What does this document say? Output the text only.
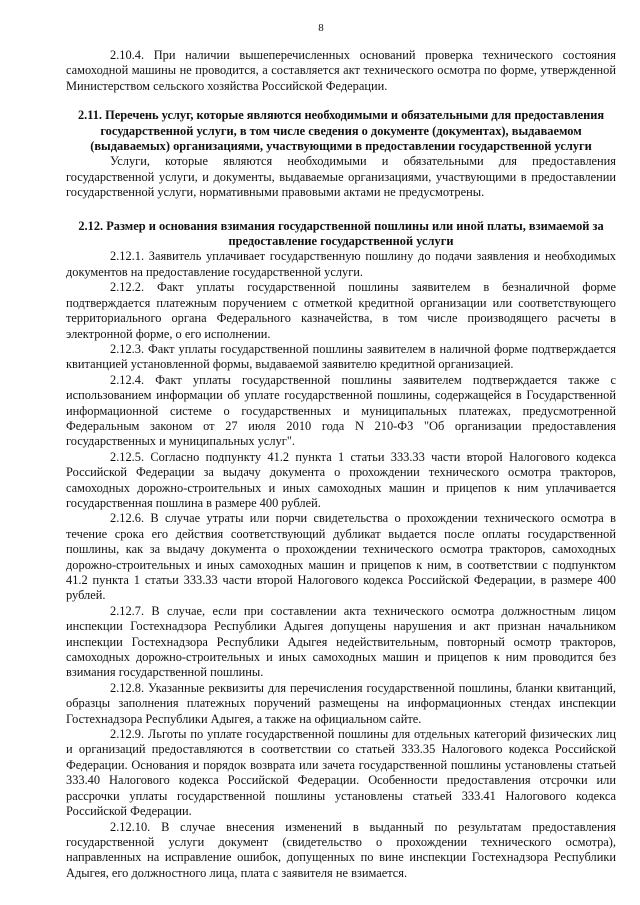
8

2.10.4. При наличии вышеперечисленных оснований проверка технического состояния самоходной машины не проводится, а составляется акт технического осмотра по форме, утвержденной Министерством сельского хозяйства Российской Федерации.

2.11. Перечень услуг, которые являются необходимыми и обязательными для предоставления государственной услуги, в том числе сведения о документе (документах), выдаваемом (выдаваемых) организациями, участвующими в предоставлении государственной услуги

Услуги, которые являются необходимыми и обязательными для предоставления государственной услуги, и документы, выдаваемые организациями, участвующими в предоставлении государственной услуги, нормативными правовыми актами не предусмотрены.

2.12. Размер и основания взимания государственной пошлины или иной платы, взимаемой за предоставление государственной услуги

2.12.1. Заявитель уплачивает государственную пошлину до подачи заявления и необходимых документов на предоставление государственной услуги.

2.12.2. Факт уплаты государственной пошлины заявителем в безналичной форме подтверждается платежным поручением с отметкой кредитной организации или соответствующего территориального органа Федерального казначейства, в том числе производящего расчеты в электронной форме, о его исполнении.

2.12.3. Факт уплаты государственной пошлины заявителем в наличной форме подтверждается квитанцией установленной формы, выдаваемой заявителю кредитной организацией.

2.12.4. Факт уплаты государственной пошлины заявителем подтверждается также с использованием информации об уплате государственной пошлины, содержащейся в Государственной информационной системе о государственных и муниципальных платежах, предусмотренной Федеральным законом от 27 июля 2010 года N 210-ФЗ "Об организации предоставления государственных и муниципальных услуг".

2.12.5. Согласно подпункту 41.2 пункта 1 статьи 333.33 части второй Налогового кодекса Российской Федерации за выдачу документа о прохождении технического осмотра тракторов, самоходных дорожно-строительных и иных самоходных машин и прицепов к ним уплачивается государственная пошлина в размере 400 рублей.

2.12.6. В случае утраты или порчи свидетельства о прохождении технического осмотра в течение срока его действия соответствующий дубликат выдается после оплаты государственной пошлины, как за выдачу документа о прохождении технического осмотра тракторов, самоходных дорожно-строительных и иных самоходных машин и прицепов к ним, в соответствии с подпунктом 41.2 пункта 1 статьи 333.33 части второй Налогового кодекса Российской Федерации, в размере 400 рублей.

2.12.7. В случае, если при составлении акта технического осмотра должностным лицом инспекции Гостехнадзора Республики Адыгея допущены нарушения и акт признан начальником инспекции Гостехнадзора Республики Адыгея недействительным, повторный осмотр тракторов, самоходных дорожно-строительных и иных самоходных машин и прицепов к ним проводится без взимания государственной пошлины.

2.12.8. Указанные реквизиты для перечисления государственной пошлины, бланки квитанций, образцы заполнения платежных поручений размещены на информационных стендах инспекции Гостехнадзора Республики Адыгея, а также на официальном сайте.

2.12.9. Льготы по уплате государственной пошлины для отдельных категорий физических лиц и организаций предоставляются в соответствии со статьей 333.35 Налогового кодекса Российской Федерации. Основания и порядок возврата или зачета государственной пошлины установлены статьей 333.40 Налогового кодекса Российской Федерации. Особенности предоставления отсрочки или рассрочки уплаты государственной пошлины установлены статьей 333.41 Налогового кодекса Российской Федерации.

2.12.10. В случае внесения изменений в выданный по результатам предоставления государственной услуги документ (свидетельство о прохождении технического осмотра), направленных на исправление ошибок, допущенных по вине инспекции Гостехнадзора Республики Адыгея, его должностного лица, плата с заявителя не взимается.
